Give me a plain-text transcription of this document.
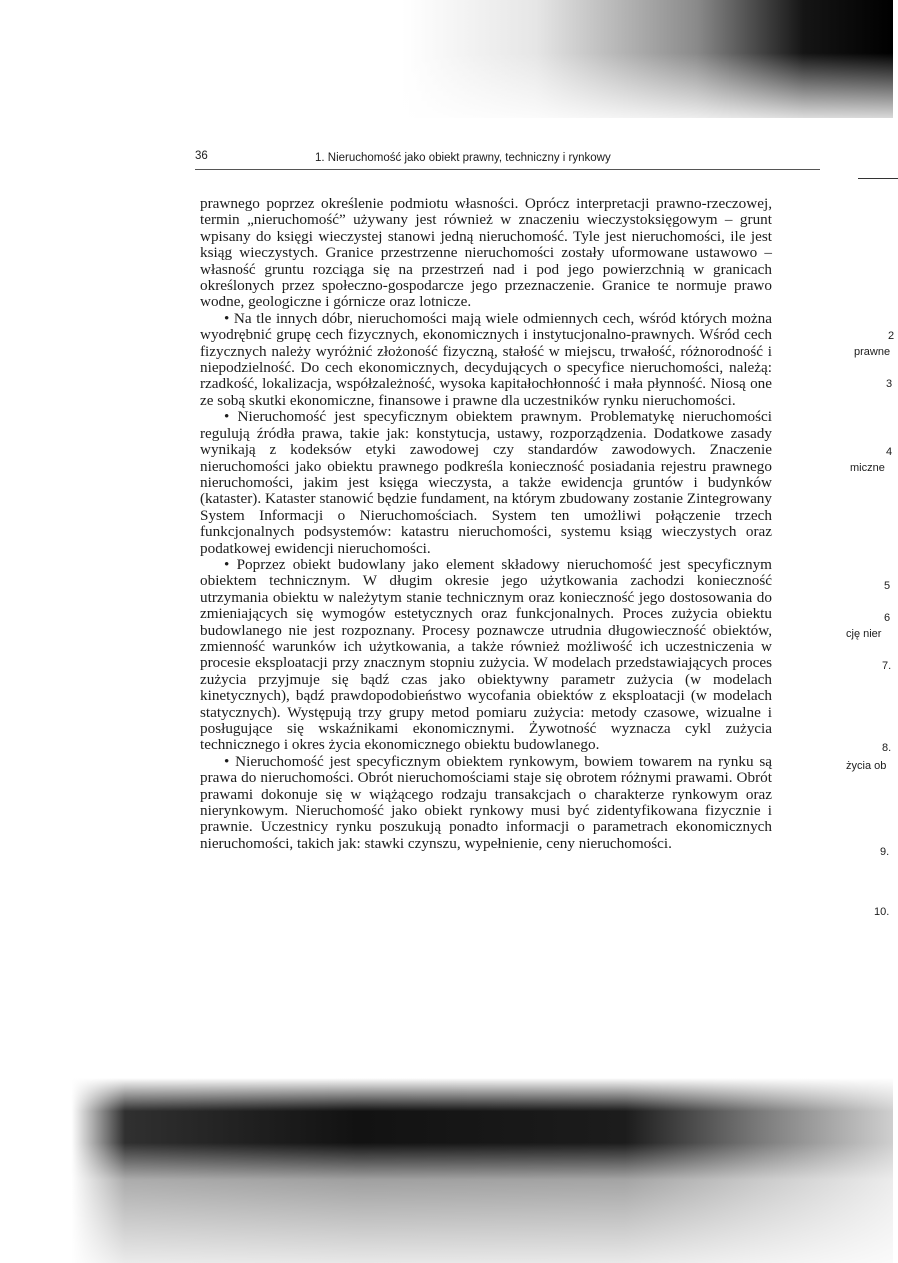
36	1. Nieruchomość jako obiekt prawny, techniczny i rynkowy

prawnego poprzez określenie podmiotu własności. Oprócz interpretacji prawno-rzeczowej, termin „nieruchomość” używany jest również w znaczeniu wieczystoksięgowym – grunt wpisany do księgi wieczystej stanowi jedną nieruchomość. Tyle jest nieruchomości, ile jest ksiąg wieczystych. Granice przestrzenne nieruchomości zostały uformowane ustawowo – własność gruntu rozciąga się na przestrzeń nad i pod jego powierzchnią w granicach określonych przez społeczno-gospodarcze jego przeznaczenie. Granice te normuje prawo wodne, geologiczne i górnicze oraz lotnicze.

• Na tle innych dóbr, nieruchomości mają wiele odmiennych cech, wśród których można wyodrębnić grupę cech fizycznych, ekonomicznych i instytucjonalno-prawnych. Wśród cech fizycznych należy wyróżnić złożoność fizyczną, stałość w miejscu, trwałość, różnorodność i niepodzielność. Do cech ekonomicznych, decydujących o specyfice nieruchomości, należą: rzadkość, lokalizacja, współzależność, wysoka kapitałochłonność i mała płynność. Niosą one ze sobą skutki ekonomiczne, finansowe i prawne dla uczestników rynku nieruchomości.

• Nieruchomość jest specyficznym obiektem prawnym. Problematykę nieruchomości regulują źródła prawa, takie jak: konstytucja, ustawy, rozporządzenia. Dodatkowe zasady wynikają z kodeksów etyki zawodowej czy standardów zawodowych. Znaczenie nieruchomości jako obiektu prawnego podkreśla konieczność posiadania rejestru prawnego nieruchomości, jakim jest księga wieczysta, a także ewidencja gruntów i budynków (kataster). Kataster stanowić będzie fundament, na którym zbudowany zostanie Zintegrowany System Informacji o Nieruchomościach. System ten umożliwi połączenie trzech funkcjonalnych podsystemów: katastru nieruchomości, systemu ksiąg wieczystych oraz podatkowej ewidencji nieruchomości.

• Poprzez obiekt budowlany jako element składowy nieruchomość jest specyficznym obiektem technicznym. W długim okresie jego użytkowania zachodzi konieczność utrzymania obiektu w należytym stanie technicznym oraz konieczność jego dostosowania do zmieniających się wymogów estetycznych oraz funkcjonalnych. Proces zużycia obiektu budowlanego nie jest rozpoznany. Procesy poznawcze utrudnia długowieczność obiektów, zmienność warunków ich użytkowania, a także również możliwość ich uczestniczenia w procesie eksploatacji przy znacznym stopniu zużycia. W modelach przedstawiających proces zużycia przyjmuje się bądź czas jako obiektywny parametr zużycia (w modelach kinetycznych), bądź prawdopodobieństwo wycofania obiektów z eksploatacji (w modelach statycznych). Występują trzy grupy metod pomiaru zużycia: metody czasowe, wizualne i posługujące się wskaźnikami ekonomicznymi. Żywotność wyznacza cykl zużycia technicznego i okres życia ekonomicznego obiektu budowlanego.

• Nieruchomość jest specyficznym obiektem rynkowym, bowiem towarem na rynku są prawa do nieruchomości. Obrót nieruchomościami staje się obrotem różnymi prawami. Obrót prawami dokonuje się w wiążącego rodzaju transakcjach o charakterze rynkowym oraz nierynkowym. Nieruchomość jako obiekt rynkowy musi być zidentyfikowana fizycznie i prawnie. Uczestnicy rynku poszukują ponadto informacji o parametrach ekonomicznych nieruchomości, takich jak: stawki czynszu, wypełnienie, ceny nieruchomości.

2
prawne
3
4
miczne
5
6
cję nier
7.
8.
życia ob
9.
10.
